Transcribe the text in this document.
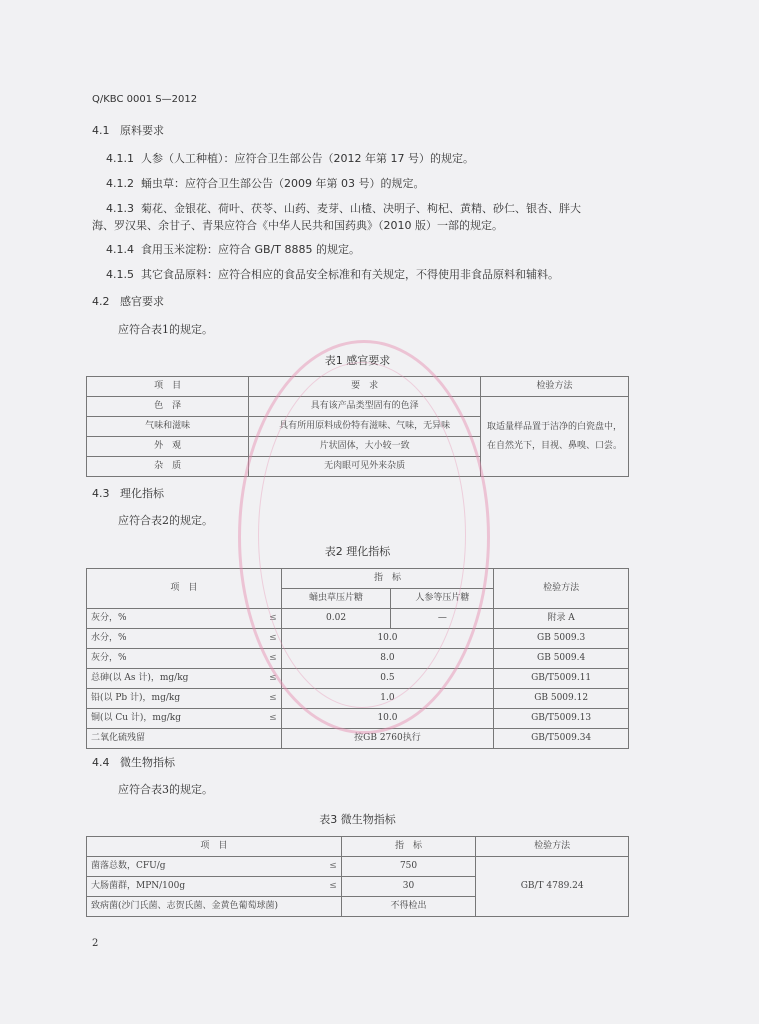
Q/KBC 0001 S—2012
4.1 原料要求
4.1.1 人参（人工种植）：应符合卫生部公告（2012 年第 17 号）的规定。
4.1.2 蛹虫草：应符合卫生部公告（2009 年第 03 号）的规定。
4.1.3 菊花、金银花、荷叶、茯苓、山药、麦芽、山楂、决明子、枸杞、黄精、砂仁、银杏、胖大
海、罗汉果、余甘子、青果应符合《中华人民共和国药典》（2010 版）一部的规定。
4.1.4 食用玉米淀粉：应符合 GB/T 8885 的规定。
4.1.5 其它食品原料：应符合相应的食品安全标准和有关规定，不得使用非食品原料和辅料。
4.2 感官要求
应符合表1的规定。
表1 感官要求
项　目	要　求	检验方法
色　泽	具有该产品类型固有的色泽	取适量样品置于洁净的白瓷盘中，
在自然光下，目视、鼻嗅、口尝。

气味和滋味	具有所用原料成份特有滋味、气味，无异味	
外　观	片状固体，大小较一致	
杂　质	无肉眼可见外来杂质	
4.3 理化指标
应符合表2的规定。
表2 理化指标
项　目		指　标		检验方法
		蛹虫草压片糖	人参等压片糖	
灰分，%	≤	0.02	—	附录 A
水分，%	≤	10.0		GB 5009.3
灰分，%	≤	8.0		GB 5009.4
总砷(以 As 计)，mg/kg	≤	0.5		GB/T5009.11
铅(以 Pb 计)，mg/kg	≤	1.0		GB 5009.12
铜(以 Cu 计)，mg/kg	≤	10.0		GB/T5009.13
二氧化硫残留		按GB 2760执行		GB/T5009.34
4.4 微生物指标
应符合表3的规定。
表3 微生物指标
项　目		指　标	检验方法
菌落总数，CFU/g	≤	750	GB/T 4789.24
大肠菌群，MPN/100g	≤	30	
致病菌(沙门氏菌、志贺氏菌、金黄色葡萄球菌)		不得检出	
2
